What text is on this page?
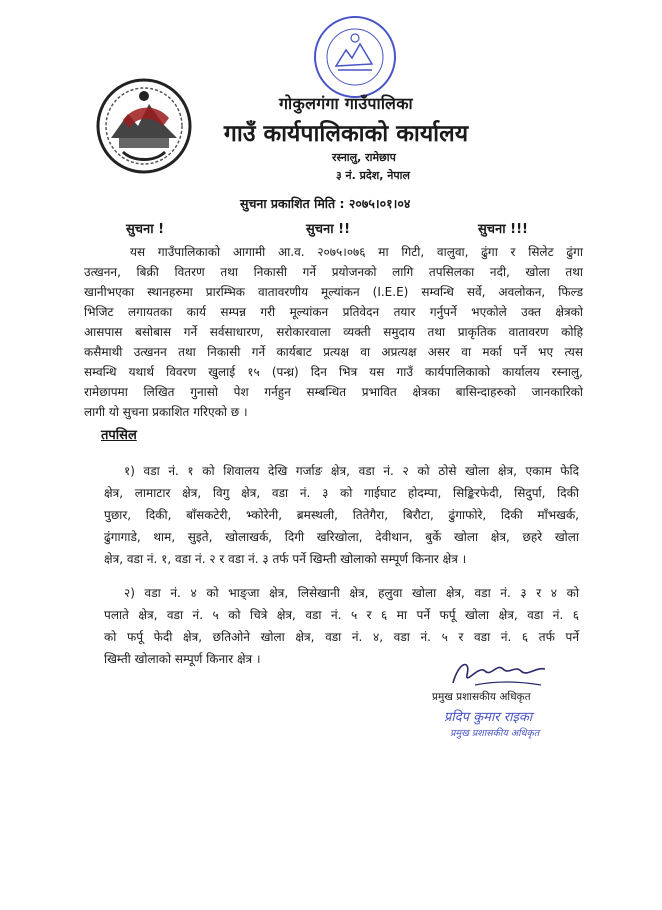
गोकुलगंगा गाउँपालिका
गाउँ कार्यपालिकाको कार्यालय
रस्नालु, रामेछाप
३ नं. प्रदेश, नेपाल
सुचना प्रकाशित मिति : २०७५।०१।०४
सुचना !	सुचना !!	सुचना !!!
यस गाउँपालिकाको आगामी आ.व. २०७५।०७६ मा गिटी, वालुवा, ढुंगा र सिलेट ढुंगा
उत्खनन, बिक्री वितरण तथा निकासी गर्ने प्रयोजनको लागि तपसिलका नदी, खोला तथा
खानीभएका स्थानहरुमा प्रारम्भिक वातावरणीय मूल्यांकन (I.E.E) सम्वन्धि सर्वे, अवलोकन, फिल्ड
भिजिट लगायतका कार्य सम्पन्न गरी मूल्यांकन प्रतिवेदन तयार गर्नुपर्ने भएकोले उक्त क्षेत्रको
आसपास बसोबास गर्ने सर्वसाधारण, सरोकारवाला व्यक्ती समुदाय तथा प्राकृतिक वातावरण कोहि
कसैमाथी उत्खनन तथा निकासी गर्ने कार्यबाट प्रत्यक्ष वा अप्रत्यक्ष असर वा मर्का पर्ने भए त्यस
सम्वन्धि यथार्थ विवरण खुलाई १५ (पन्ध्र) दिन भित्र यस गाउँ कार्यपालिकाको कार्यालय रस्नालु,
रामेछापमा लिखित गुनासो पेश गर्नहुन सम्बन्धित प्रभावित क्षेत्रका बासिन्दाहरुको जानकारिको
लागी यो सुचना प्रकाशित गरिएको छ ।
तपसिल
१) वडा नं. १ को शिवालय देखि गर्जाङ क्षेत्र, वडा नं. २ को ठोसे खोला क्षेत्र, एकाम फेदि
क्षेत्र, लामाटार क्षेत्र, विगु क्षेत्र, वडा नं. ३ को गाईघाट होदम्पा, सिङ्किरफेदी, सिदुर्पा, दिकी
पुछार, दिकी, बाँसकटेरी, भ्कोरेनी, ब्रमस्थली, तितेगैरा, बिरौटा, ढुंगाफोरे, दिकी माँभखर्क,
ढुंगागाडे, थाम, सुइते, खोलाखर्क, दिगी खरिखोला, देवीथान, बुर्के खोला क्षेत्र, छहरे खोला
क्षेत्र, वडा नं. १, वडा नं. २ र वडा नं. ३ तर्फ पर्ने खिम्ती खोलाको सम्पूर्ण किनार क्षेत्र ।
२) वडा नं. ४ को भाङ्जा क्षेत्र, लिसेखानी क्षेत्र, हलुवा खोला क्षेत्र, वडा नं. ३ र ४ को
पलाते क्षेत्र, वडा नं. ५ को चित्रे क्षेत्र, वडा नं. ५ र ६ मा पर्ने फर्पू खोला क्षेत्र, वडा नं. ६
को फर्पू फेदी क्षेत्र, छतिओने खोला क्षेत्र, वडा नं. ४, वडा नं. ५ र वडा नं. ६ तर्फ पर्ने
खिम्ती खोलाको सम्पूर्ण किनार क्षेत्र ।
प्रमुख प्रशासकीय अधिकृत
प्रदिप कुमार राइका
प्रमुख प्रशासकीय अधिकृत
